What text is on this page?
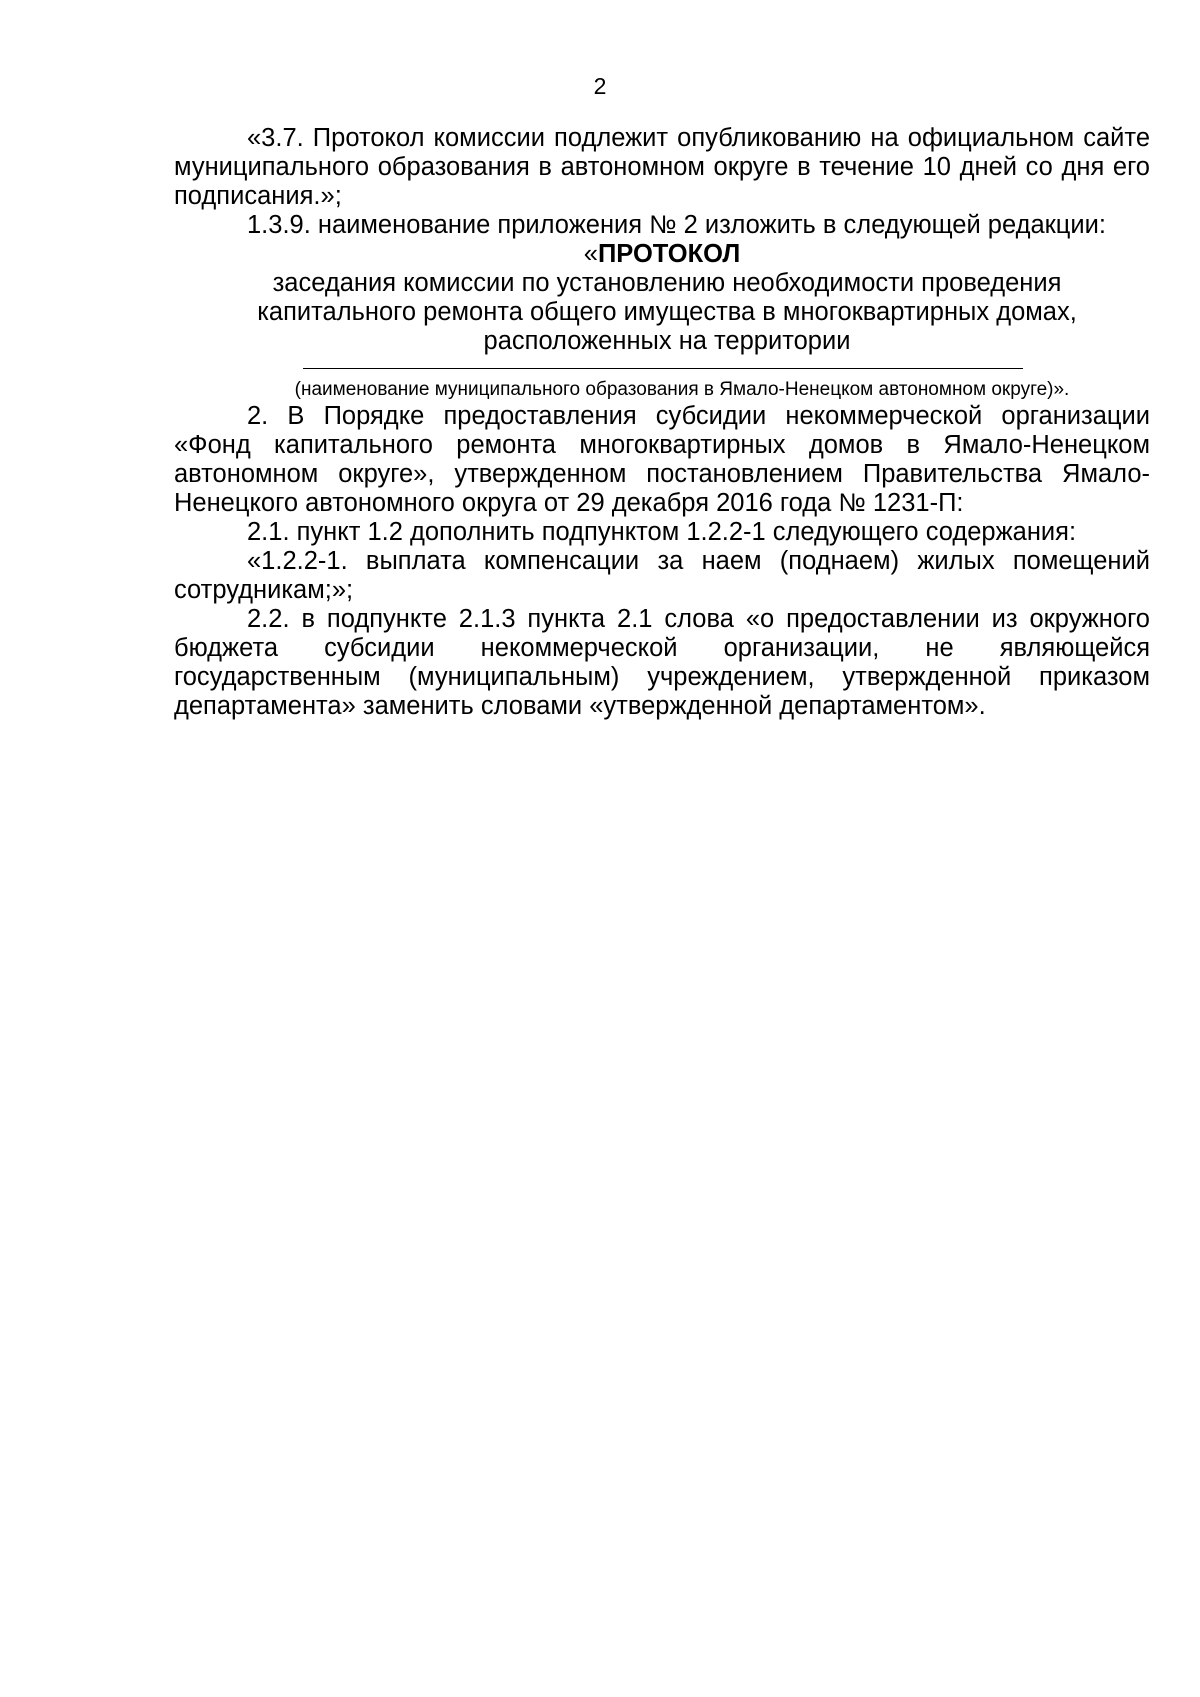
2

«3.7. Протокол комиссии подлежит опубликованию на официальном сайте муниципального образования в автономном округе в течение 10 дней со дня его подписания.»;

1.3.9. наименование приложения № 2 изложить в следующей редакции:

«ПРОТОКОЛ

заседания комиссии по установлению необходимости проведения
капитального ремонта общего имущества в многоквартирных домах,
расположенных на территории

(наименование муниципального образования в Ямало-Ненецком автономном округе)».

2. В Порядке предоставления субсидии некоммерческой организации «Фонд капитального ремонта многоквартирных домов в Ямало-Ненецком автономном округе», утвержденном постановлением Правительства Ямало-Ненецкого автономного округа от 29 декабря 2016 года № 1231-П:

2.1. пункт 1.2 дополнить подпунктом 1.2.2-1 следующего содержания:

«1.2.2-1. выплата компенсации за наем (поднаем) жилых помещений сотрудникам;»;

2.2. в подпункте 2.1.3 пункта 2.1 слова «о предоставлении из окружного бюджета субсидии некоммерческой организации, не являющейся государственным (муниципальным) учреждением, утвержденной приказом департамента» заменить словами «утвержденной департаментом».
